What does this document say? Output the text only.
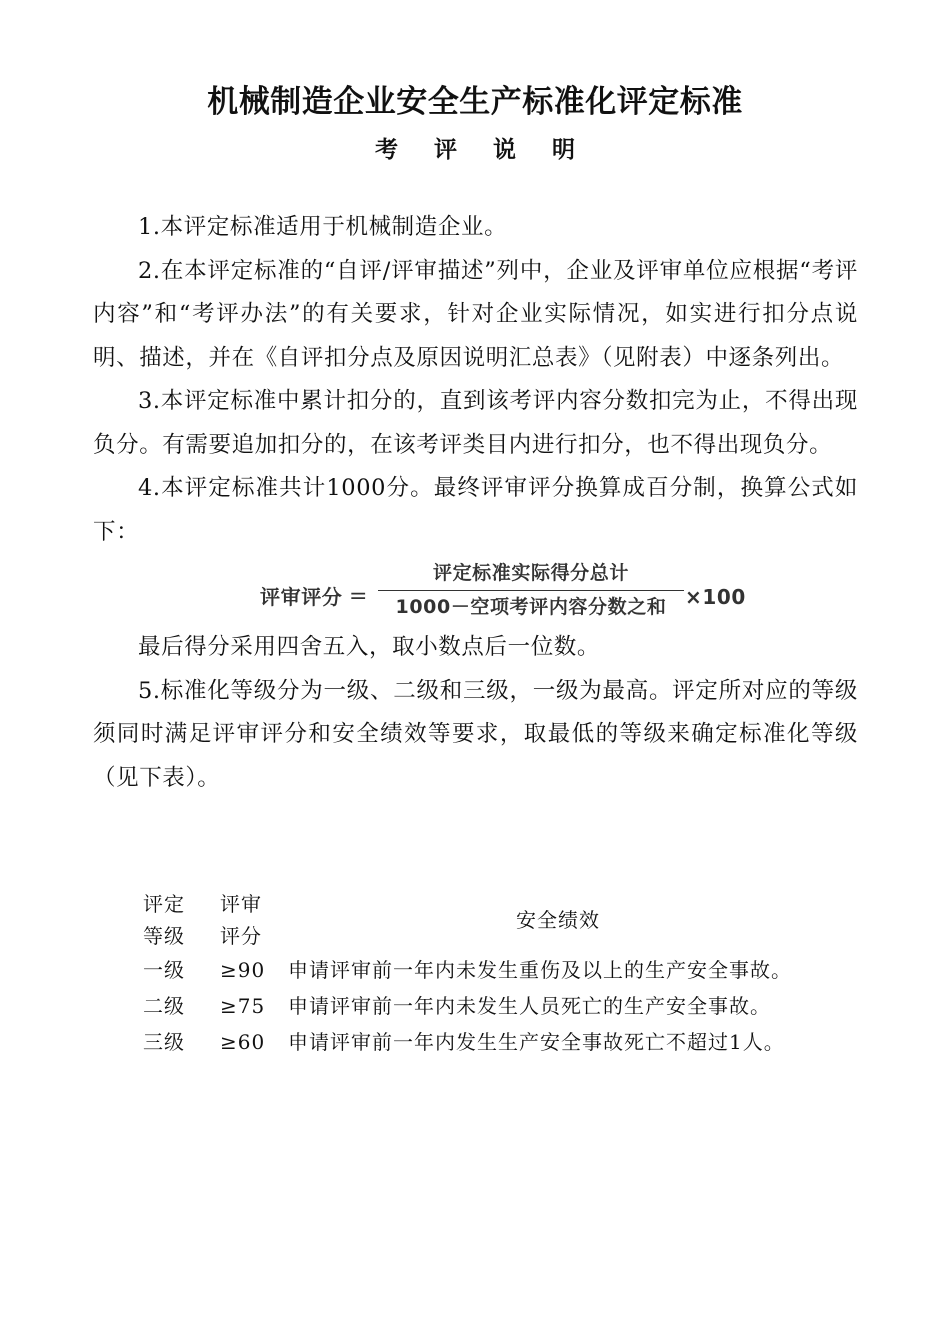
机械制造企业安全生产标准化评定标准
考 评 说 明

1.本评定标准适用于机械制造企业。

2.在本评定标准的“自评/评审描述”列中，企业及评审单位应根据“考评内容”和“考评办法”的有关要求，针对企业实际情况，如实进行扣分点说明、描述，并在《自评扣分点及原因说明汇总表》（见附表）中逐条列出。

3.本评定标准中累计扣分的，直到该考评内容分数扣完为止，不得出现负分。有需要追加扣分的，在该考评类目内进行扣分，也不得出现负分。

4.本评定标准共计1000分。最终评审评分换算成百分制，换算公式如下：

评审评分 =
评定标准实际得分总计
1000－空项考评内容分数之和 ×100

最后得分采用四舍五入，取小数点后一位数。

5.标准化等级分为一级、二级和三级，一级为最高。评定所对应的等级须同时满足评审评分和安全绩效等要求，取最低的等级来确定标准化等级（见下表）。

评定	评审	安全绩效
等级	评分	
一级	≥90	申请评审前一年内未发生重伤及以上的生产安全事故。
二级	≥75	申请评审前一年内未发生人员死亡的生产安全事故。
三级	≥60	申请评审前一年内发生生产安全事故死亡不超过1人。
